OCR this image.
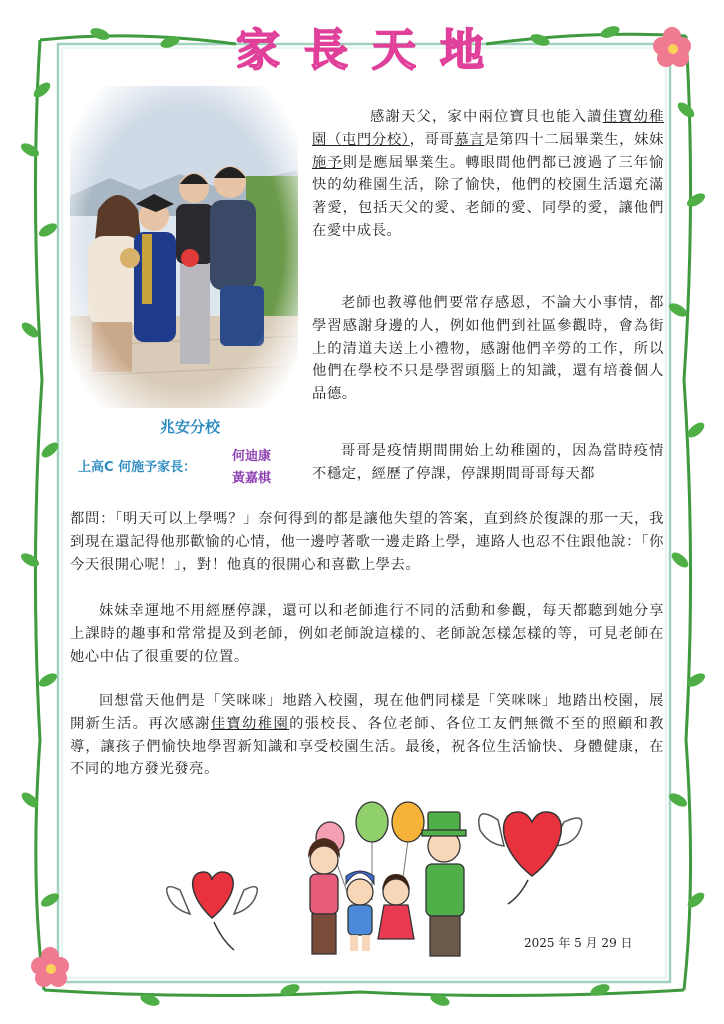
家 長 天 地
兆安分校
上高C 何施予家長：
何迪康
黃嘉棋

感謝天父，家中兩位寶貝也能入讀佳寶幼稚園（屯門分校），哥哥慕言是第四十二屆畢業生，妹妹施予則是應屆畢業生。轉眼間他們都已渡過了三年愉快的幼稚園生活，除了愉快，他們的校園生活還充滿著愛，包括天父的愛、老師的愛、同學的愛，讓他們在愛中成長。

老師也教導他們要常存感恩，不論大小事情，都學習感謝身邊的人，例如他們到社區參觀時，會為街上的清道夫送上小禮物，感謝他們辛勞的工作，所以他們在學校不只是學習頭腦上的知識，還有培養個人品德。

哥哥是疫情期間開始上幼稚園的，因為當時疫情不穩定，經歷了停課，停課期間哥哥每天都

都問：「明天可以上學嗎？」奈何得到的都是讓他失望的答案，直到終於復課的那一天，我到現在還記得他那歡愉的心情，他一邊哼著歌一邊走路上學，連路人也忍不住跟他說：「你今天很開心呢！」，對！他真的很開心和喜歡上學去。

妹妹幸運地不用經歷停課，還可以和老師進行不同的活動和參觀，每天都聽到她分享上課時的趣事和常常提及到老師，例如老師說這樣的、老師說怎樣怎樣的等，可見老師在她心中佔了很重要的位置。

回想當天他們是「笑咪咪」地踏入校園，現在他們同樣是「笑咪咪」地踏出校園，展開新生活。再次感謝佳寶幼稚園的張校長、各位老師、各位工友們無微不至的照顧和教導，讓孩子們愉快地學習新知識和享受校園生活。最後，祝各位生活愉快、身體健康，在不同的地方發光發亮。

2025 年 5 月 29 日
